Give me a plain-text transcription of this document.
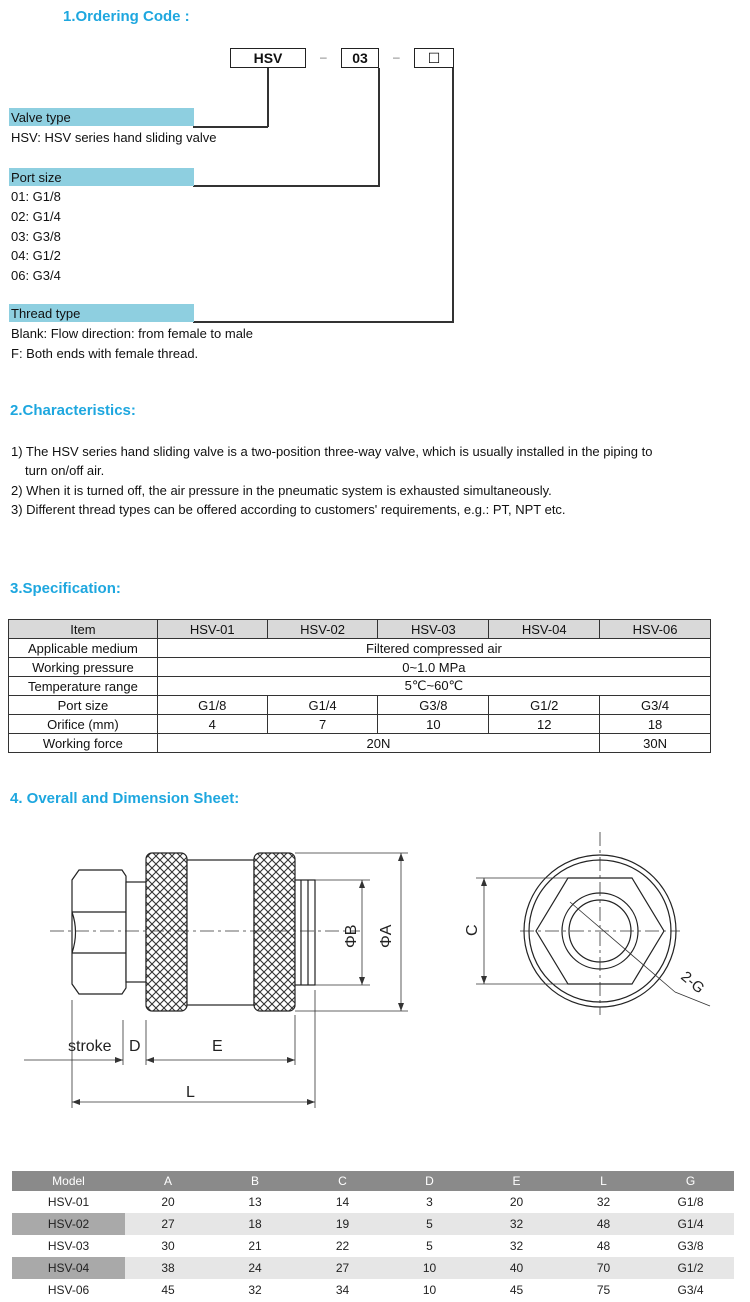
1.Ordering Code :
HSV	–	03	–	☐
Valve type
HSV: HSV series hand sliding valve
Port size
01: G1/8
02: G1/4
03: G3/8
04: G1/2
06: G3/4
Thread type
Blank: Flow direction: from female to male
F: Both ends with female thread.
2.Characteristics:
1) The HSV series hand sliding valve is a two-position three-way valve, which is usually installed in the piping to
turn on/off air.
2) When it is turned off, the air pressure in the pneumatic system is exhausted simultaneously.
3) Different thread types can be offered according to customers' requirements, e.g.: PT, NPT etc.
3.Specification:
Item	HSV-01	HSV-02	HSV-03	HSV-04	HSV-06
Applicable medium	Filtered compressed air				
Working pressure	0~1.0 MPa				
Temperature range	5℃~60℃				
Port size	G1/8	G1/4	G3/8	G1/2	G3/4
Orifice (mm)	4	7	10	12	18
Working force	20N				30N
4. Overall and Dimension Sheet:
stroke D	E
L
ΦB ΦA	C
2-G
Model	A	B	C	D	E	L	G
HSV-01	20	13	14	3	20	32	G1/8
HSV-02	27	18	19	5	32	48	G1/4
HSV-03	30	21	22	5	32	48	G3/8
HSV-04	38	24	27	10	40	70	G1/2
HSV-06	45	32	34	10	45	75	G3/4
